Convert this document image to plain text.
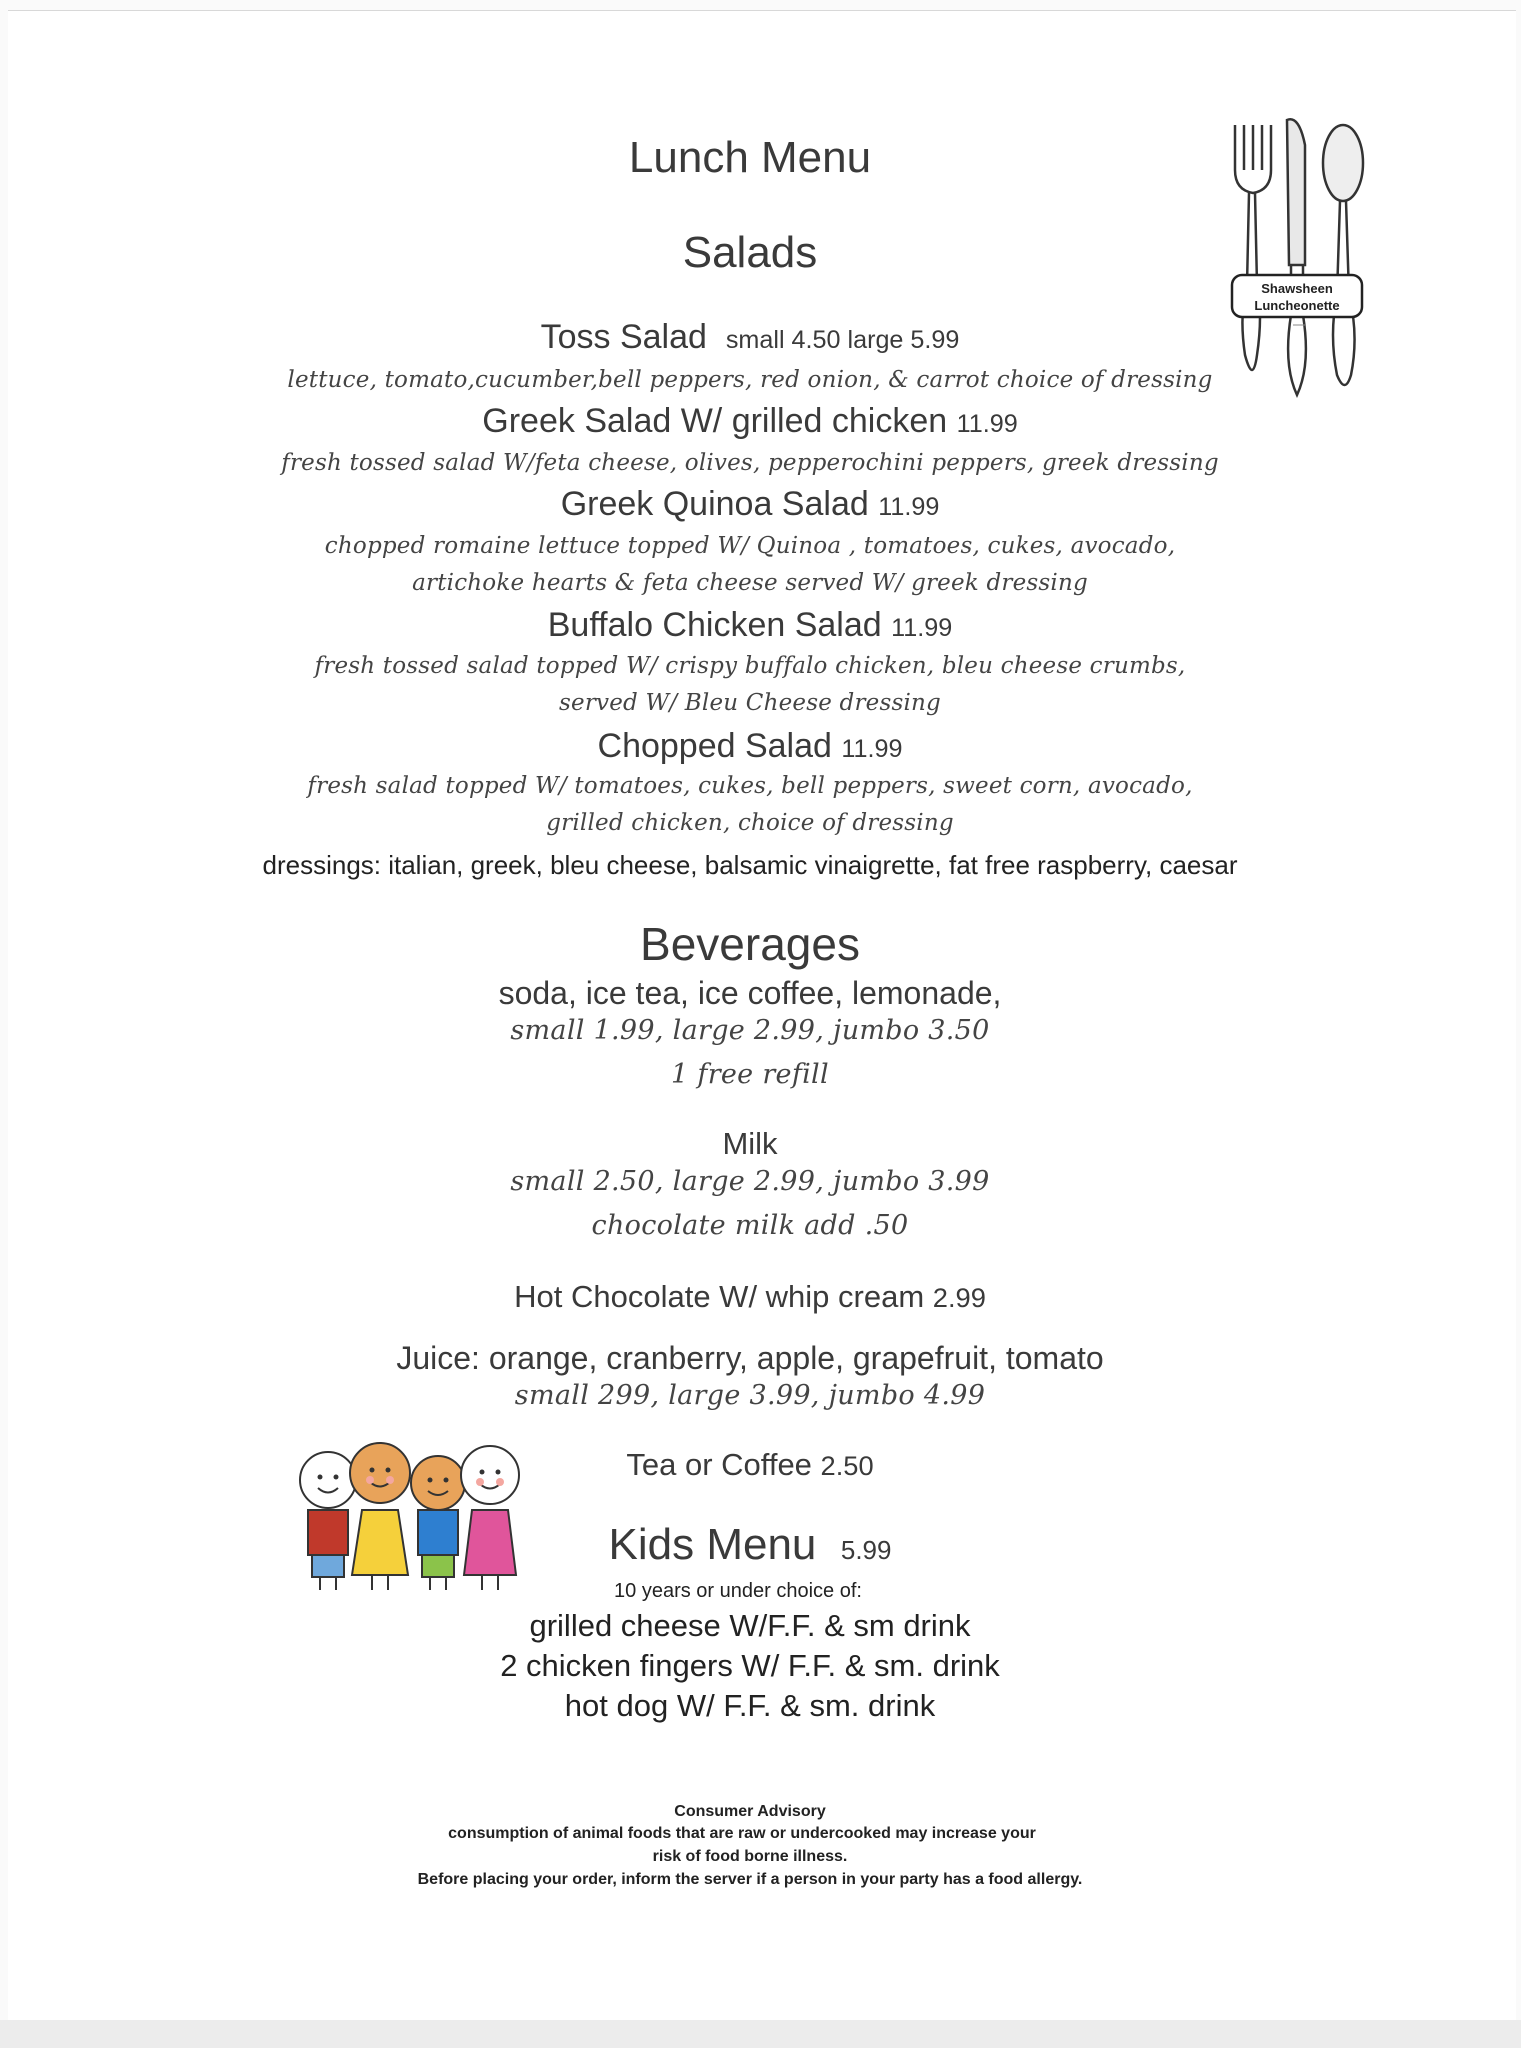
Shawsheen
Luncheonette
Lunch Menu
Salads
Toss Salad small 4.50 large 5.99
lettuce, tomato,cucumber,bell peppers, red onion, & carrot choice of dressing
Greek Salad W/ grilled chicken 11.99
fresh tossed salad W/feta cheese, olives, pepperochini peppers, greek dressing
Greek Quinoa Salad 11.99
chopped romaine lettuce topped W/ Quinoa , tomatoes, cukes, avocado,
artichoke hearts & feta cheese served W/ greek dressing
Buffalo Chicken Salad 11.99
fresh tossed salad topped W/ crispy buffalo chicken, bleu cheese crumbs,
served W/ Bleu Cheese dressing
Chopped Salad 11.99
fresh salad topped W/ tomatoes, cukes, bell peppers, sweet corn, avocado,
grilled chicken, choice of dressing
dressings: italian, greek, bleu cheese, balsamic vinaigrette, fat free raspberry, caesar
Beverages
soda, ice tea, ice coffee, lemonade,
small 1.99, large 2.99, jumbo 3.50
1 free refill
Milk
small 2.50, large 2.99, jumbo 3.99
chocolate milk add .50
Hot Chocolate W/ whip cream 2.99
Juice: orange, cranberry, apple, grapefruit, tomato
small 299, large 3.99, jumbo 4.99
Tea or Coffee 2.50
Kids Menu 5.99
10 years or under choice of:
grilled cheese W/F.F. & sm drink
2 chicken fingers W/ F.F. & sm. drink
hot dog W/ F.F. & sm. drink
Consumer Advisory
consumption of animal foods that are raw or undercooked may increase your
risk of food borne illness.
Before placing your order, inform the server if a person in your party has a food allergy.
